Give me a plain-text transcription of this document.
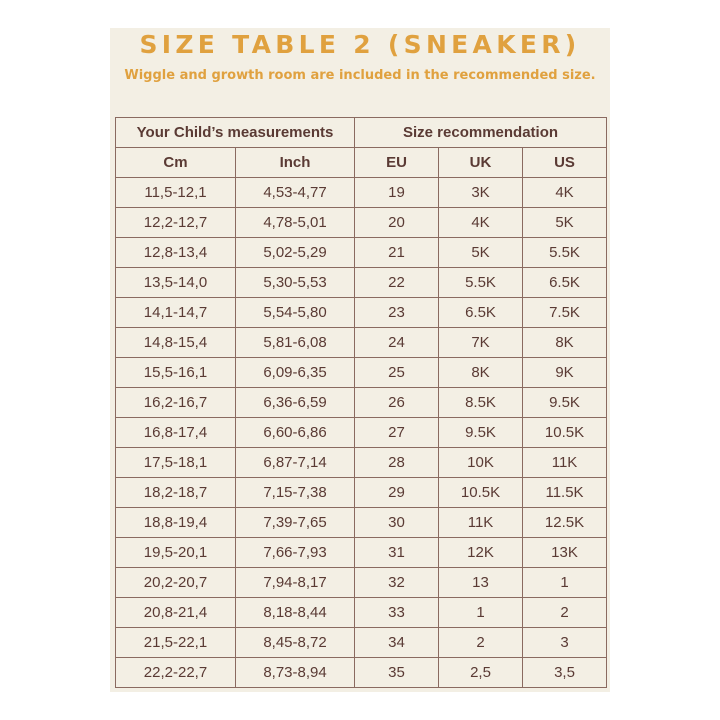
SIZE TABLE 2 (SNEAKER)
Wiggle and growth room are included in the recommended size.
Your Child’s measurements		Size recommendation		
Cm	Inch	EU	UK	US
11,5-12,1	4,53-4,77	19	3K	4K
12,2-12,7	4,78-5,01	20	4K	5K
12,8-13,4	5,02-5,29	21	5K	5.5K
13,5-14,0	5,30-5,53	22	5.5K	6.5K
14,1-14,7	5,54-5,80	23	6.5K	7.5K
14,8-15,4	5,81-6,08	24	7K	8K
15,5-16,1	6,09-6,35	25	8K	9K
16,2-16,7	6,36-6,59	26	8.5K	9.5K
16,8-17,4	6,60-6,86	27	9.5K	10.5K
17,5-18,1	6,87-7,14	28	10K	11K
18,2-18,7	7,15-7,38	29	10.5K	11.5K
18,8-19,4	7,39-7,65	30	11K	12.5K
19,5-20,1	7,66-7,93	31	12K	13K
20,2-20,7	7,94-8,17	32	13	1
20,8-21,4	8,18-8,44	33	1	2
21,5-22,1	8,45-8,72	34	2	3
22,2-22,7	8,73-8,94	35	2,5	3,5
